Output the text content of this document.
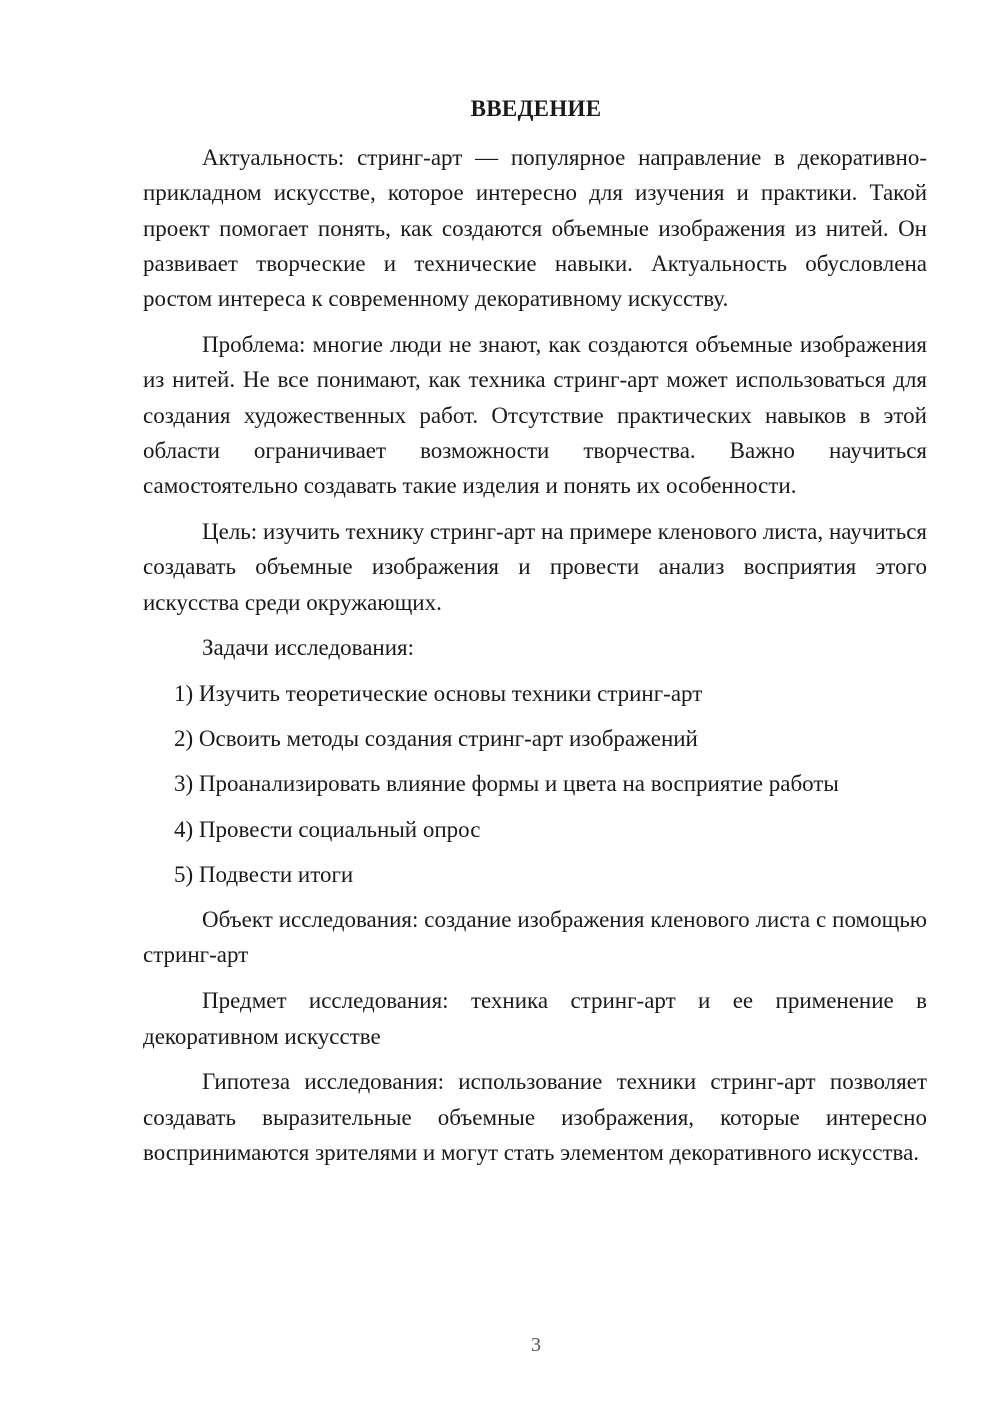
ВВЕДЕНИЕ

Актуальность: стринг-арт — популярное направление в декоративно-прикладном искусстве, которое интересно для изучения и практики. Такой проект помогает понять, как создаются объемные изображения из нитей. Он развивает творческие и технические навыки. Актуальность обусловлена ростом интереса к современному декоративному искусству.

Проблема: многие люди не знают, как создаются объемные изображения из нитей. Не все понимают, как техника стринг-арт может использоваться для создания художественных работ. Отсутствие практических навыков в этой области ограничивает возможности творчества. Важно научиться самостоятельно создавать такие изделия и понять их особенности.

Цель: изучить технику стринг-арт на примере кленового листа, научиться создавать объемные изображения и провести анализ восприятия этого искусства среди окружающих.

Задачи исследования:

1) Изучить теоретические основы техники стринг-арт

2) Освоить методы создания стринг-арт изображений

3) Проанализировать влияние формы и цвета на восприятие работы

4) Провести социальный опрос

5) Подвести итоги

Объект исследования: создание изображения кленового листа с помощью стринг-арт

Предмет исследования: техника стринг-арт и ее применение в декоративном искусстве

Гипотеза исследования: использование техники стринг-арт позволяет создавать выразительные объемные изображения, которые интересно воспринимаются зрителями и могут стать элементом декоративного искусства.

3
